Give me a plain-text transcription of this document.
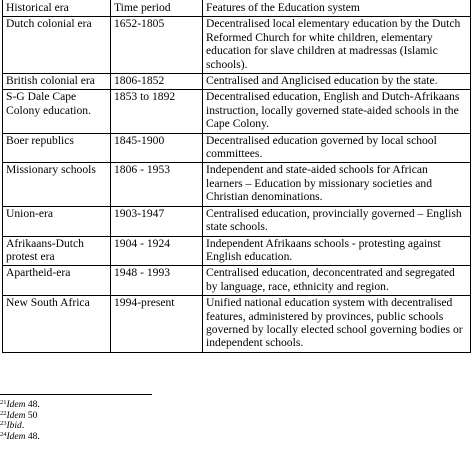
Historical era	Time period	Features of the Education system
Dutch colonial era	1652-1805	Decentralised local elementary education by the Dutch Reformed Church for white children, elementary education for slave children at madressas (Islamic schools).
British colonial era	1806-1852	Centralised and Anglicised education by the state.
S-G Dale Cape Colony education.	1853 to 1892	Decentralised education, English and Dutch-Afrikaans instruction, locally governed state-aided schools in the Cape Colony.
Boer republics	1845-1900	Decentralised education governed by local school committees.
Missionary schools	1806 - 1953	Independent and state-aided schools for African learners – Education by missionary societies and Christian denominations.
Union-era	1903-1947	Centralised education, provincially governed – English state schools.
Afrikaans-Dutch protest era	1904 - 1924	Independent Afrikaans schools - protesting against English education.
Apartheid-era	1948 - 1993	Centralised education, deconcentrated and segregated by language, race, ethnicity and region.
New South Africa	1994-present	Unified national education system with decentralised features, administered by provinces, public schools governed by locally elected school governing bodies or independent schools.
$^{21}$Idem 48.
$^{22}$Idem 50
$^{23}$Ibid.
$^{24}$Idem 48.
